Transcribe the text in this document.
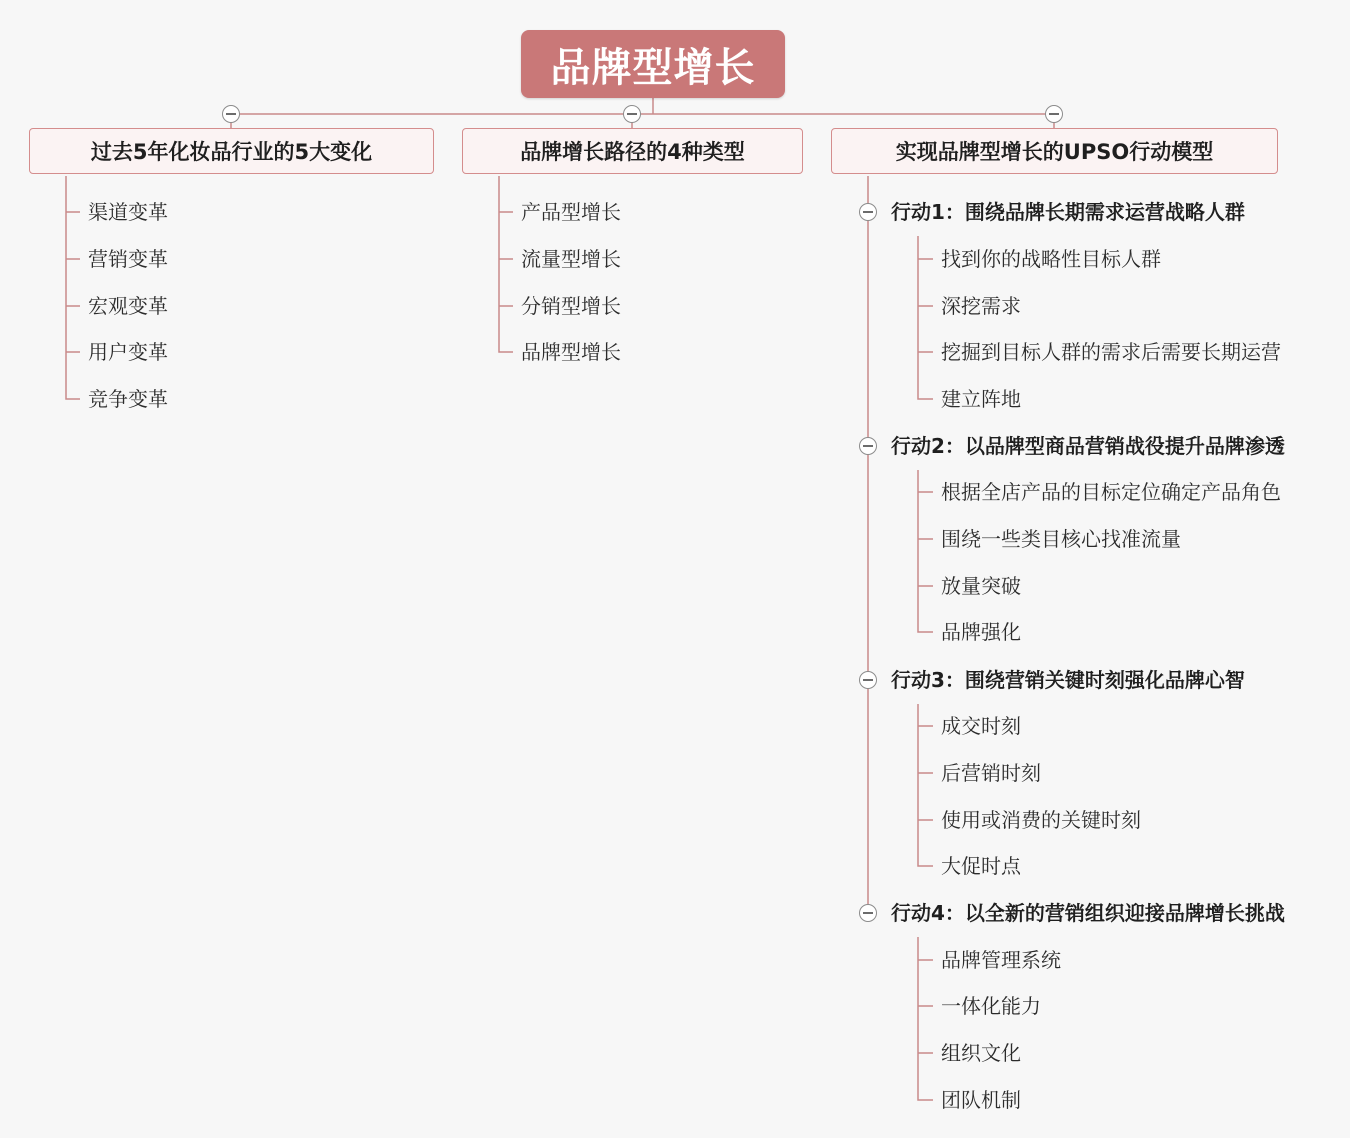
品牌型增长
过去5年化妆品行业的5大变化	品牌增长路径的4种类型	实现品牌型增长的UPSO行动模型
渠道变革
营销变革
宏观变革
用户变革
竞争变革
产品型增长
流量型增长
分销型增长
品牌型增长
行动1：围绕品牌长期需求运营战略人群
找到你的战略性目标人群
深挖需求
挖掘到目标人群的需求后需要长期运营
建立阵地
行动2：以品牌型商品营销战役提升品牌渗透
根据全店产品的目标定位确定产品角色
围绕一些类目核心找准流量
放量突破
品牌强化
行动3：围绕营销关键时刻强化品牌心智
成交时刻
后营销时刻
使用或消费的关键时刻
大促时点
行动4：以全新的营销组织迎接品牌增长挑战
品牌管理系统
一体化能力
组织文化
团队机制
